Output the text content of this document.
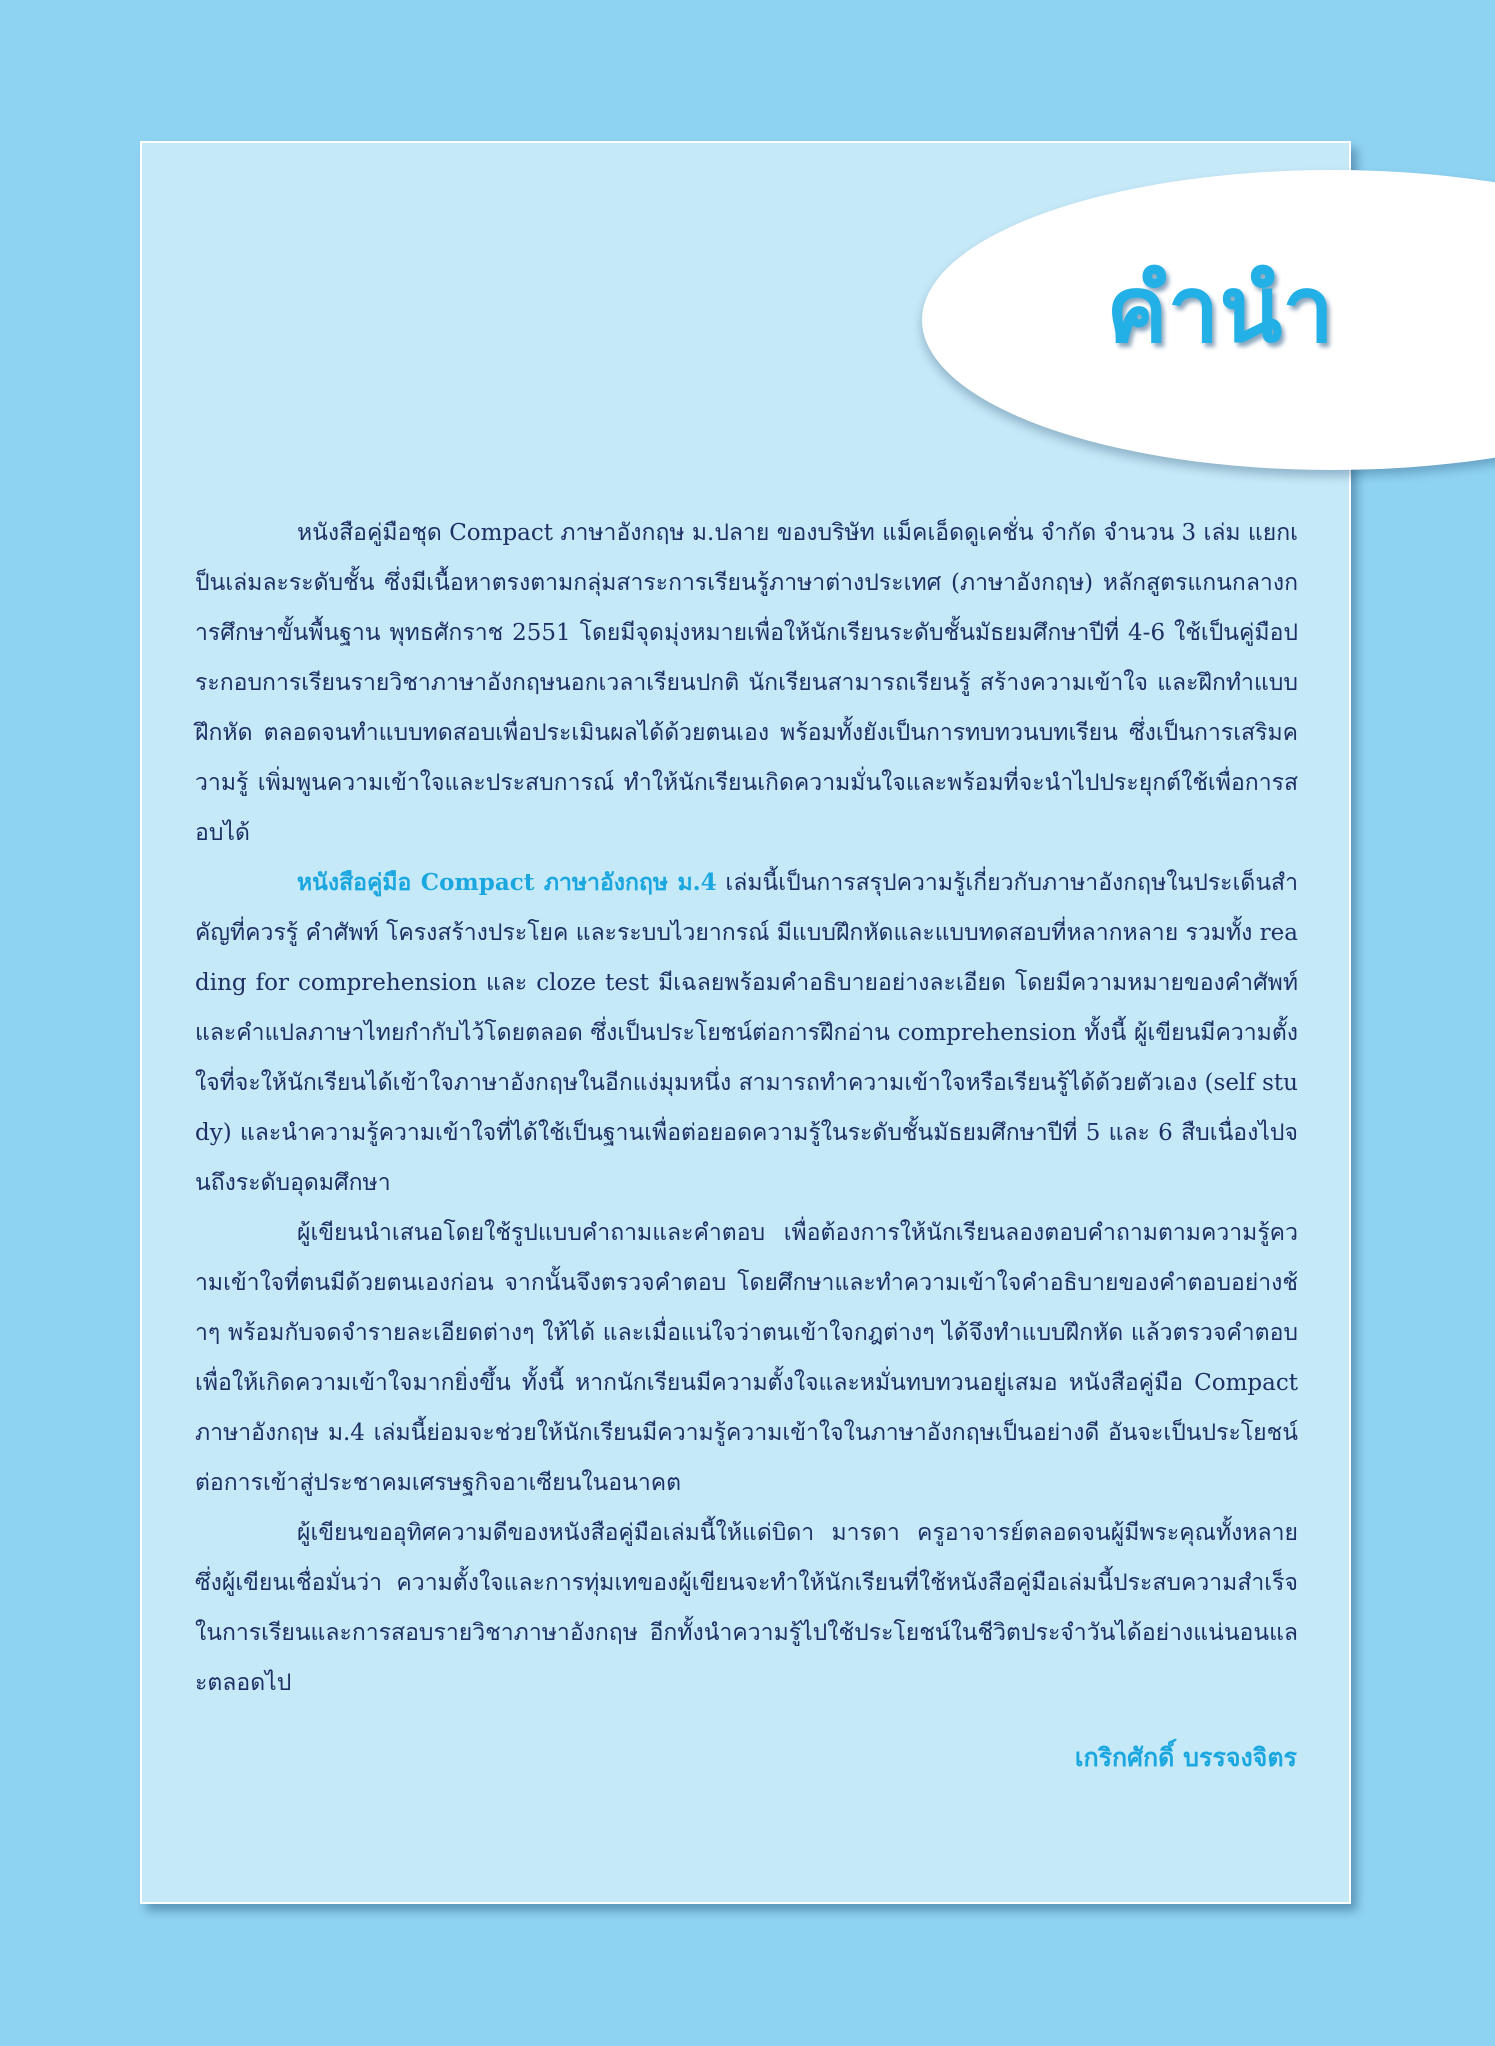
คำนำ

หนังสือคู่มือชุด Compact ภาษาอังกฤษ ม.ปลาย ของบริษัท แม็คเอ็ดดูเคชั่น จำกัด จำนวน 3 เล่ม แยกเป็นเล่มละระดับชั้น ซึ่งมีเนื้อหาตรงตามกลุ่มสาระการเรียนรู้ภาษาต่างประเทศ (ภาษาอังกฤษ) หลักสูตรแกนกลางการศึกษาขั้นพื้นฐาน พุทธศักราช 2551 โดยมีจุดมุ่งหมายเพื่อให้นักเรียนระดับชั้นมัธยมศึกษาปีที่ 4-6 ใช้เป็นคู่มือประกอบการเรียนรายวิชาภาษาอังกฤษนอกเวลาเรียนปกติ นักเรียนสามารถเรียนรู้ สร้างความเข้าใจ และฝึกทำแบบฝึกหัด ตลอดจนทำแบบทดสอบเพื่อประเมินผลได้ด้วยตนเอง พร้อมทั้งยังเป็นการทบทวนบทเรียน ซึ่งเป็นการเสริมความรู้ เพิ่มพูนความเข้าใจและประสบการณ์ ทำให้นักเรียนเกิดความมั่นใจและพร้อมที่จะนำไปประยุกต์ใช้เพื่อการสอบได้

หนังสือคู่มือ Compact ภาษาอังกฤษ ม.4 เล่มนี้เป็นการสรุปความรู้เกี่ยวกับภาษาอังกฤษในประเด็นสำคัญที่ควรรู้ คำศัพท์ โครงสร้างประโยค และระบบไวยากรณ์ มีแบบฝึกหัดและแบบทดสอบที่หลากหลาย รวมทั้ง reading for comprehension และ cloze test มีเฉลยพร้อมคำอธิบายอย่างละเอียด โดยมีความหมายของคำศัพท์และคำแปลภาษาไทยกำกับไว้โดยตลอด ซึ่งเป็นประโยชน์ต่อการฝึกอ่าน comprehension ทั้งนี้ ผู้เขียนมีความตั้งใจที่จะให้นักเรียนได้เข้าใจภาษาอังกฤษในอีกแง่มุมหนึ่ง สามารถทำความเข้าใจหรือเรียนรู้ได้ด้วยตัวเอง (self study) และนำความรู้ความเข้าใจที่ได้ใช้เป็นฐานเพื่อต่อยอดความรู้ในระดับชั้นมัธยมศึกษาปีที่ 5 และ 6 สืบเนื่องไปจนถึงระดับอุดมศึกษา

ผู้เขียนนำเสนอโดยใช้รูปแบบคำถามและคำตอบ เพื่อต้องการให้นักเรียนลองตอบคำถามตามความรู้ความเข้าใจที่ตนมีด้วยตนเองก่อน จากนั้นจึงตรวจคำตอบ โดยศึกษาและทำความเข้าใจคำอธิบายของคำตอบอย่างช้าๆ พร้อมกับจดจำรายละเอียดต่างๆ ให้ได้ และเมื่อแน่ใจว่าตนเข้าใจกฎต่างๆ ได้จึงทำแบบฝึกหัด แล้วตรวจคำตอบเพื่อให้เกิดความเข้าใจมากยิ่งขึ้น ทั้งนี้ หากนักเรียนมีความตั้งใจและหมั่นทบทวนอยู่เสมอ หนังสือคู่มือ Compact ภาษาอังกฤษ ม.4 เล่มนี้ย่อมจะช่วยให้นักเรียนมีความรู้ความเข้าใจในภาษาอังกฤษเป็นอย่างดี อันจะเป็นประโยชน์ต่อการเข้าสู่ประชาคมเศรษฐกิจอาเซียนในอนาคต

ผู้เขียนขออุทิศความดีของหนังสือคู่มือเล่มนี้ให้แด่บิดา มารดา ครูอาจารย์ตลอดจนผู้มีพระคุณทั้งหลาย ซึ่งผู้เขียนเชื่อมั่นว่า ความตั้งใจและการทุ่มเทของผู้เขียนจะทำให้นักเรียนที่ใช้หนังสือคู่มือเล่มนี้ประสบความสำเร็จในการเรียนและการสอบรายวิชาภาษาอังกฤษ อีกทั้งนำความรู้ไปใช้ประโยชน์ในชีวิตประจำวันได้อย่างแน่นอนและตลอดไป

เกริกศักดิ์ บรรจงจิตร
